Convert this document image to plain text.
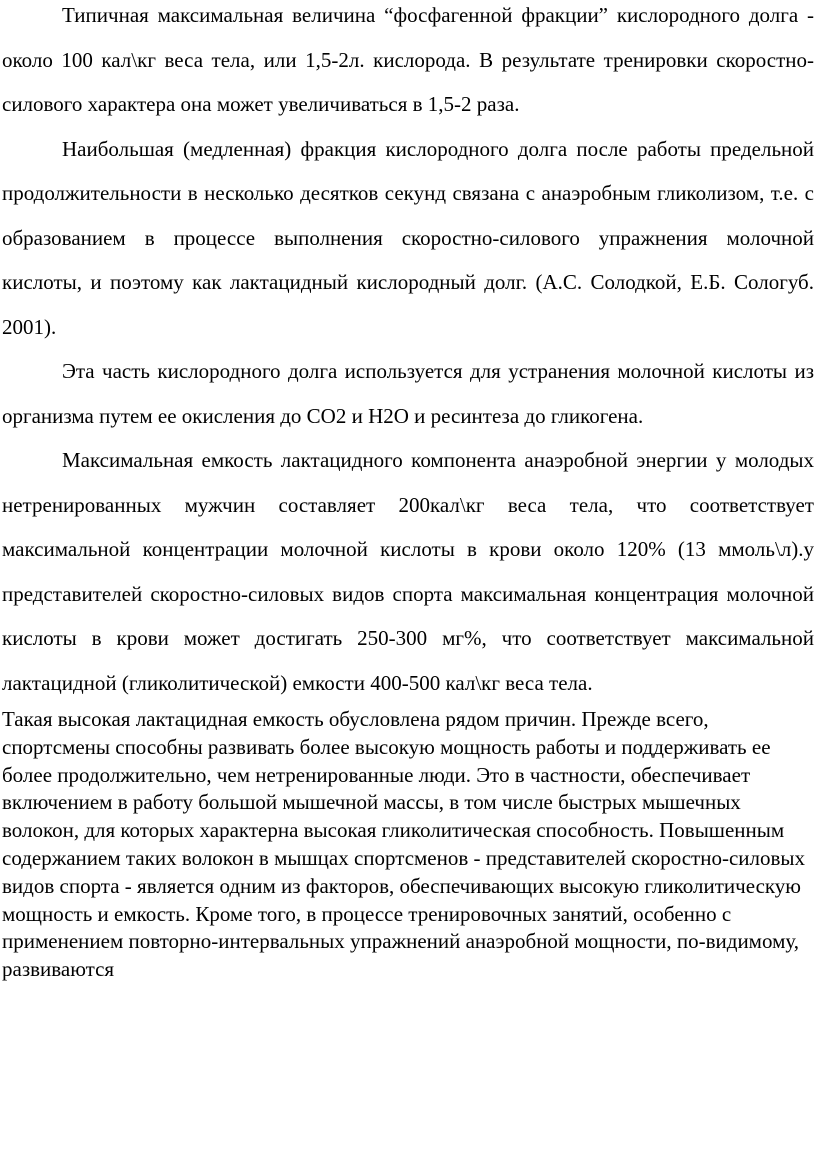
Типичная максимальная величина “фосфагенной фракции” кислородного долга - около 100 кал\кг веса тела, или 1,5-2л. кислорода. В результате тренировки скоростно-силового характера она может увеличиваться в 1,5-2 раза.

Наибольшая (медленная) фракция кислородного долга после работы предельной продолжительности в несколько десятков секунд связана с анаэробным гликолизом, т.е. с образованием в процессе выполнения скоростно-силового упражнения молочной кислоты, и поэтому как лактацидный кислородный долг. (А.С. Солодкой, Е.Б. Сологуб. 2001).

Эта часть кислородного долга используется для устранения молочной кислоты из организма путем ее окисления до СО2 и Н2О и ресинтеза до гликогена.

Максимальная емкость лактацидного компонента анаэробной энергии у молодых нетренированных мужчин составляет 200кал\кг веса тела, что соответствует максимальной концентрации молочной кислоты в крови около 120% (13 ммоль\л).у представителей скоростно-силовых видов спорта максимальная концентрация молочной кислоты в крови может достигать 250-300 мг%, что соответствует максимальной лактацидной (гликолитической) емкости 400-500 кал\кг веса тела.

Такая высокая лактацидная емкость обусловлена рядом причин. Прежде всего, спортсмены способны развивать более высокую мощность работы и поддерживать ее более продолжительно, чем нетренированные люди. Это в частности, обеспечивает включением в работу большой мышечной массы, в том числе быстрых мышечных волокон, для которых характерна высокая гликолитическая способность. Повышенным содержанием таких волокон в мышцах спортсменов - представителей скоростно-силовых видов спорта - является одним из факторов, обеспечивающих высокую гликолитическую мощность и емкость. Кроме того, в процессе тренировочных занятий, особенно с применением повторно-интервальных упражнений анаэробной мощности, по-видимому, развиваются
